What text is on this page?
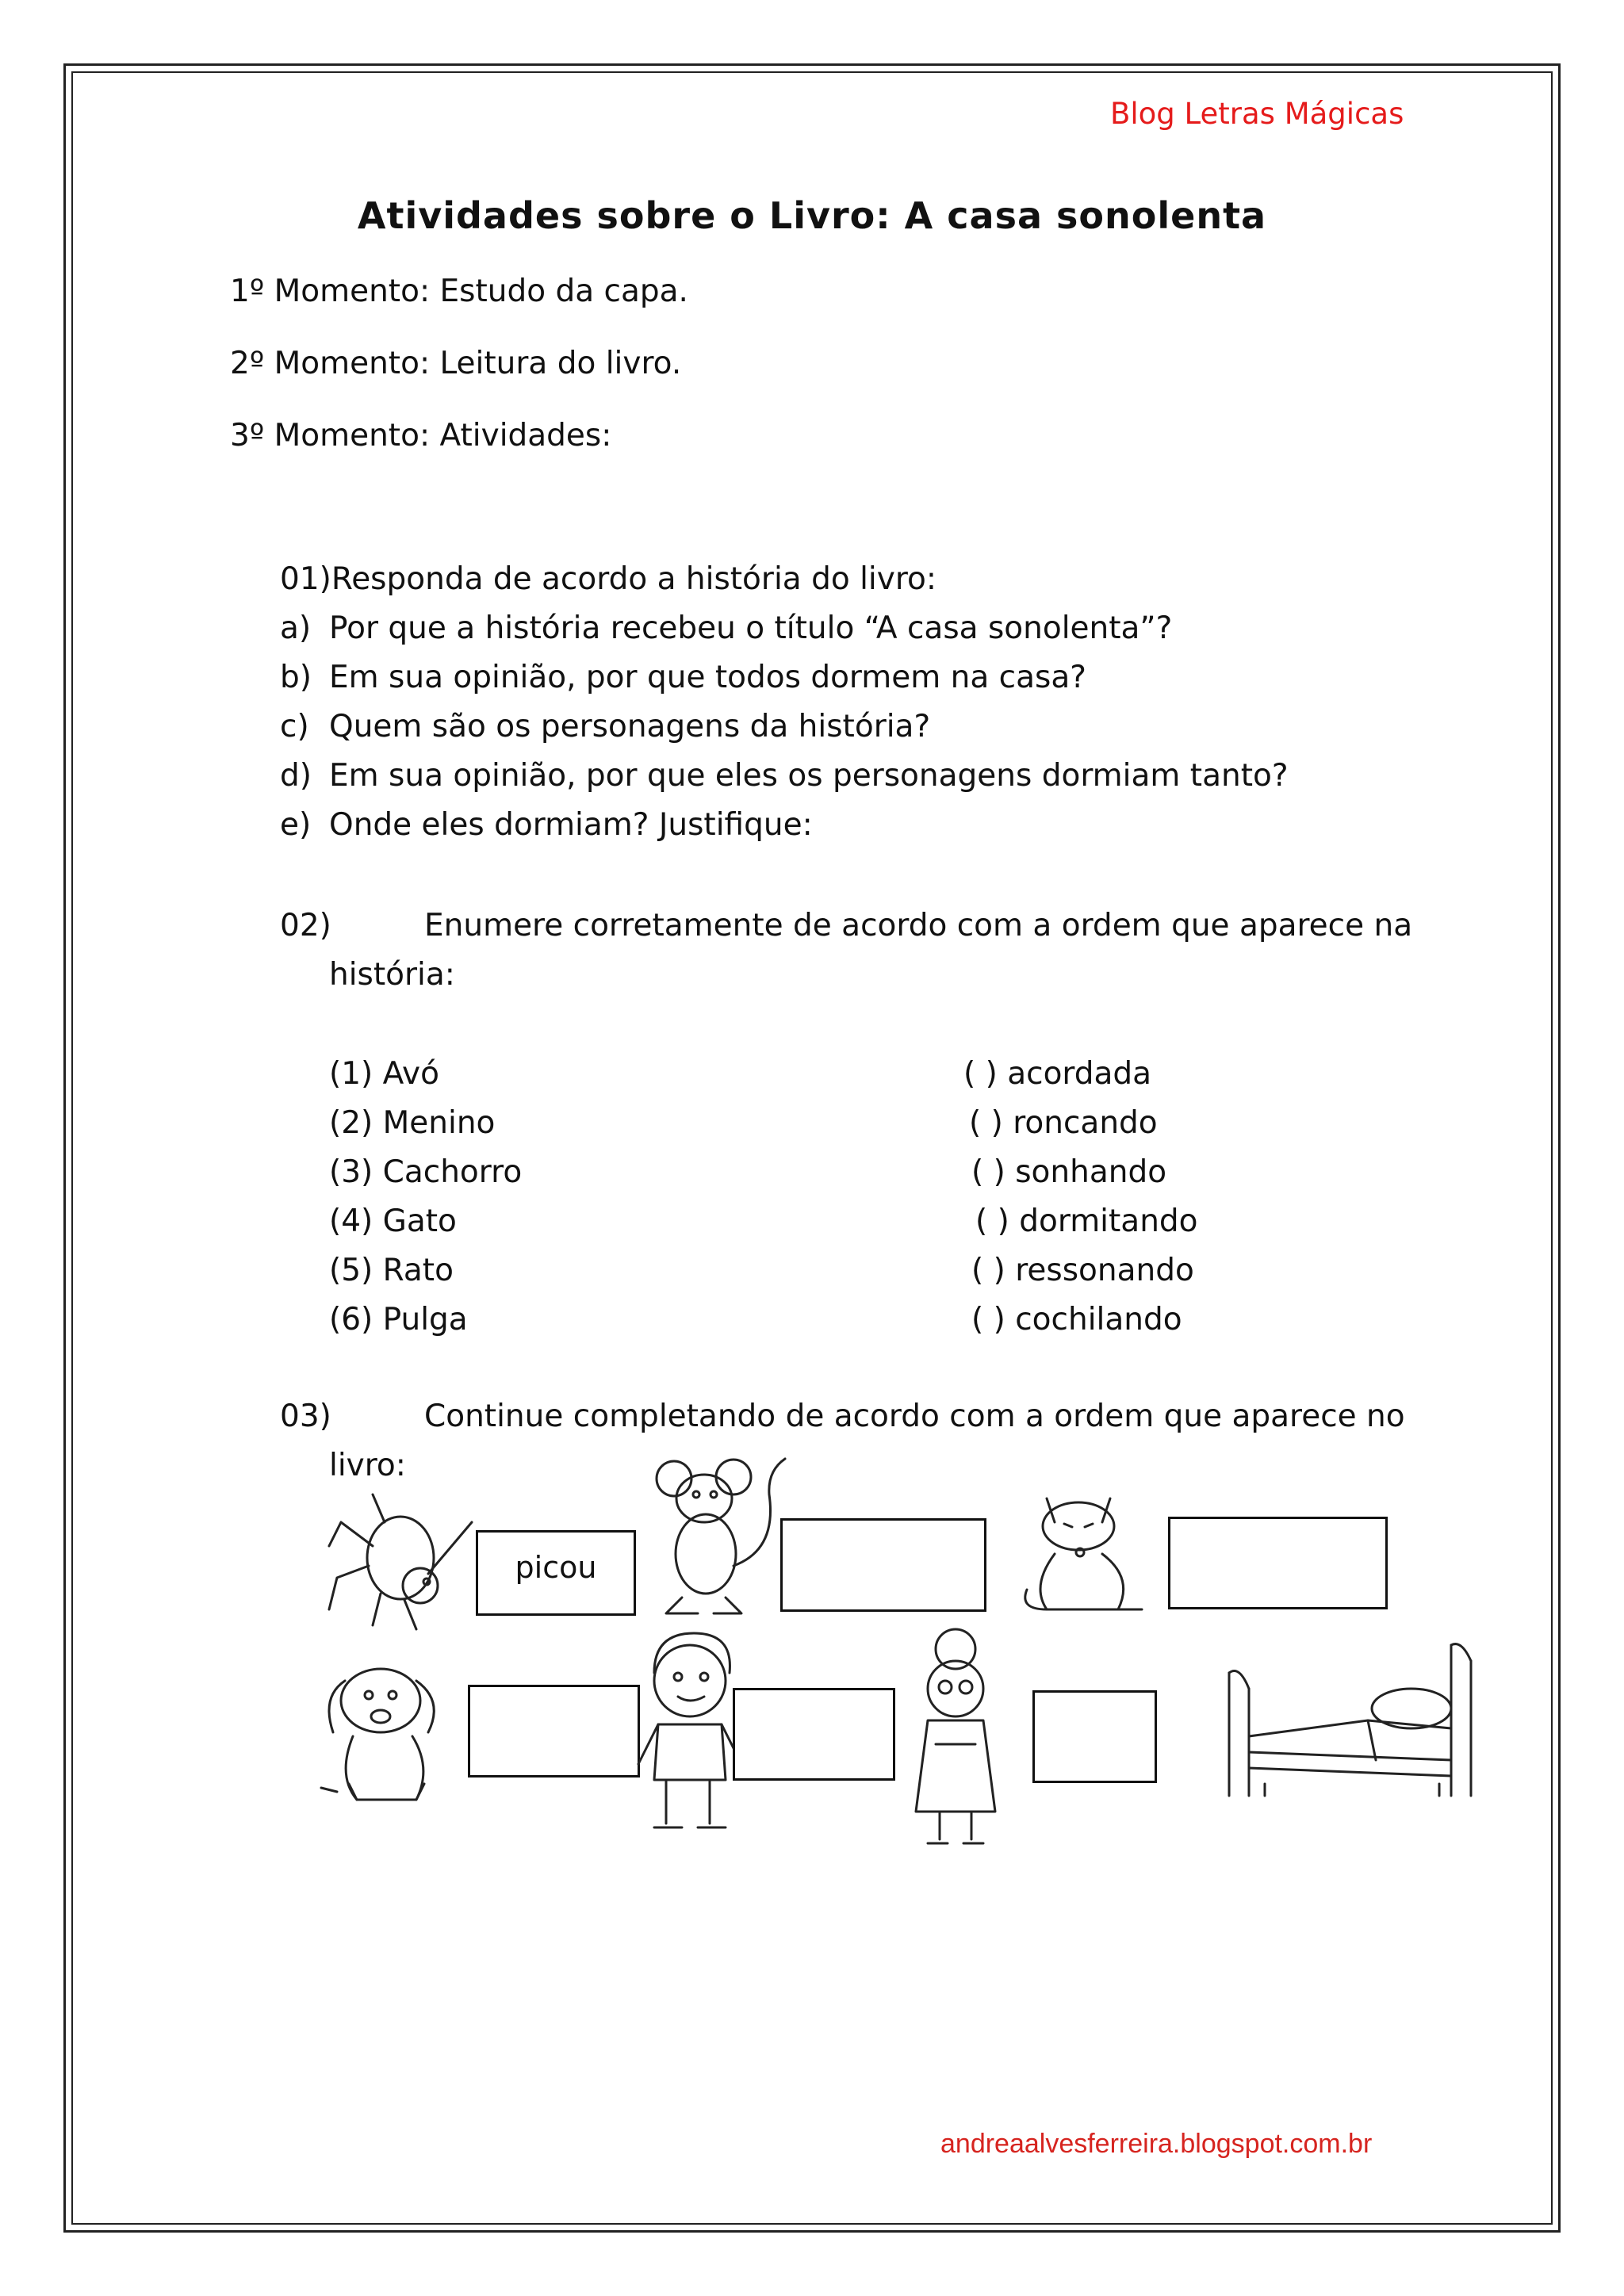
Blog Letras Mágicas
Atividades sobre o Livro: A casa sonolenta
1º Momento: Estudo da capa.
2º Momento: Leitura do livro.
3º Momento: Atividades:
01)Responda de acordo a história do livro:
a) Por que a história recebeu o título “A casa sonolenta”?
b) Em sua opinião, por que todos dormem na casa?
c) Quem são os personagens da história?
d) Em sua opinião, por que eles os personagens dormiam tanto?
e) Onde eles dormiam? Justifique:
02)	Enumere corretamente de acordo com a ordem que aparece na
história:
(1) Avó
(2) Menino
(3) Cachorro
(4) Gato
(5) Rato
(6) Pulga
( ) acordada
( ) roncando
( ) sonhando
( ) dormitando
( ) ressonando
( ) cochilando
03)	Continue completando de acordo com a ordem que aparece no
livro:
picou
andreaalvesferreira.blogspot.com.br
